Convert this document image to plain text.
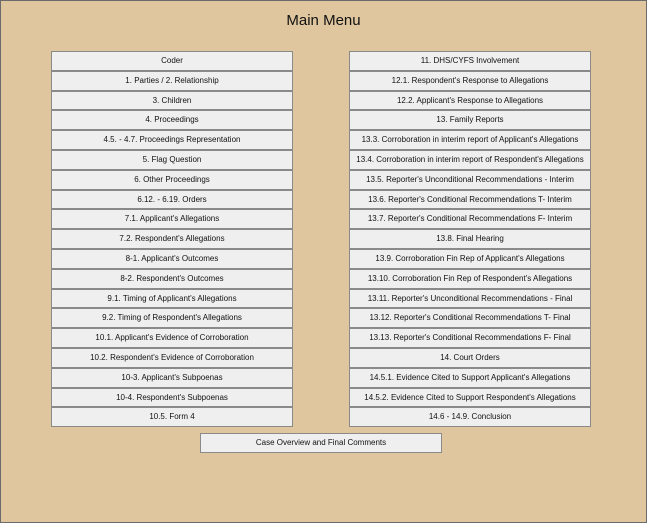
Main Menu
Coder
1. Parties / 2. Relationship
3. Children
4. Proceedings
4.5. - 4.7. Proceedings Representation
5. Flag Question
6. Other Proceedings
6.12. - 6.19. Orders
7.1. Applicant's Allegations
7.2. Respondent's Allegations
8-1. Applicant's Outcomes
8-2. Respondent's Outcomes
9.1. Timing of Applicant's Allegations
9.2. Timing of Respondent's Allegations
10.1. Applicant's Evidence of Corroboration
10.2. Respondent's Evidence of Corroboration
10-3. Applicant's Subpoenas
10-4. Respondent's Subpoenas
10.5. Form 4
11. DHS/CYFS Involvement
12.1. Respondent's Response to Allegations
12.2. Applicant's Response to Allegations
13. Family Reports
13.3. Corroboration in interim report of Applicant's Allegations
13.4. Corroboration in interim report of Respondent's Allegations
13.5. Reporter's Unconditional Recommendations - Interim
13.6. Reporter's Conditional Recommendations T- Interim
13.7. Reporter's Conditional Recommendations F- Interim
13.8. Final Hearing
13.9. Corroboration Fin Rep of Applicant's Allegations
13.10. Corroboration Fin Rep of Respondent's Allegations
13.11. Reporter's Unconditional Recommendations - Final
13.12. Reporter's Conditional Recommendations T- Final
13.13. Reporter's Conditional Recommendations F- Final
14. Court Orders
14.5.1. Evidence Cited to Support Applicant's Allegations
14.5.2. Evidence Cited to Support Respondent's Allegations
14.6 - 14.9. Conclusion
Case Overview and Final Comments
